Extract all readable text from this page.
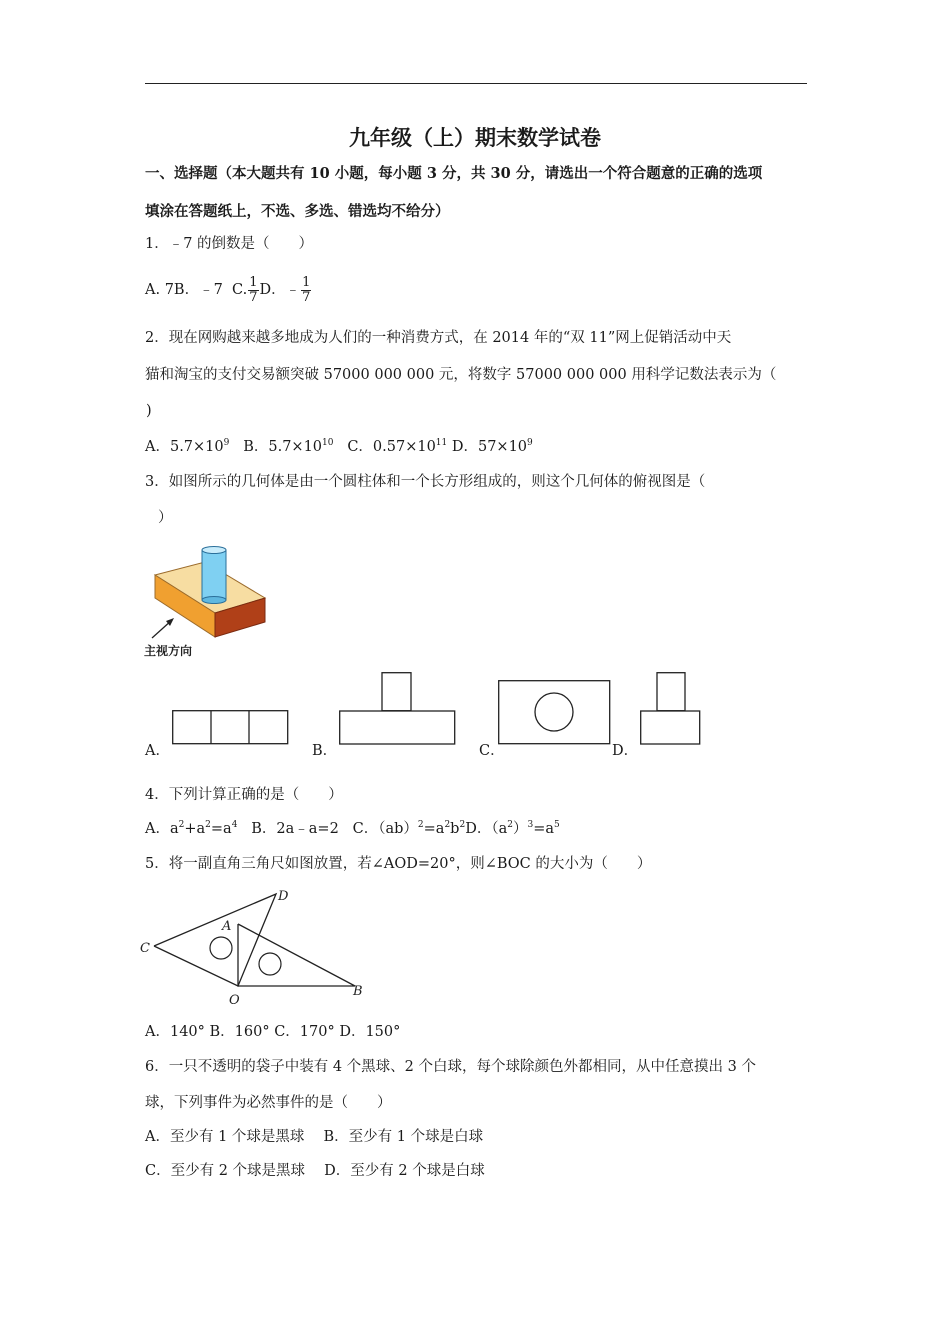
九年级（上）期末数学试卷
一、选择题（本大题共有 10 小题，每小题 3 分，共 30 分，请选出一个符合题意的正确的选项
填涂在答题纸上，不选、多选、错选均不给分）
1．﹣7 的倒数是（　　）
A. 7B．﹣7 C. $\frac{1}{7}$ D．﹣ $\frac{1}{7}$
2．现在网购越来越多地成为人们的一种消费方式，在 2014 年的“双 11”网上促销活动中天
猫和淘宝的支付交易额突破 57000 000 000 元，将数字 57000 000 000 用科学记数法表示为（
)
A．$5.7\times 10^9$ B．$5.7\times 10^{10}$ C．$0.57\times 10^{11}$ D．$57\times 10^9$
3．如图所示的几何体是由一个圆柱体和一个长方形组成的，则这个几何体的俯视图是（
）
主视方向
A．	B．	C．	D．
4．下列计算正确的是（　　）
A．$a^2+a^2=a^4$ B．2a﹣a=2 C．$(ab)^2=a^2b^2D$．$(a^2)^3=a^5$
5．将一副直角三角尺如图放置，若∠AOD=20°，则∠BOC 的大小为（　　）
D
A
C
O
B
A．140° B．160° C．170° D．150°
6．一只不透明的袋子中装有 4 个黑球、2 个白球，每个球除颜色外都相同，从中任意摸出 3 个
球，下列事件为必然事件的是（　　）
A．至少有 1 个球是黑球　 B．至少有 1 个球是白球
C．至少有 2 个球是黑球　 D．至少有 2 个球是白球
